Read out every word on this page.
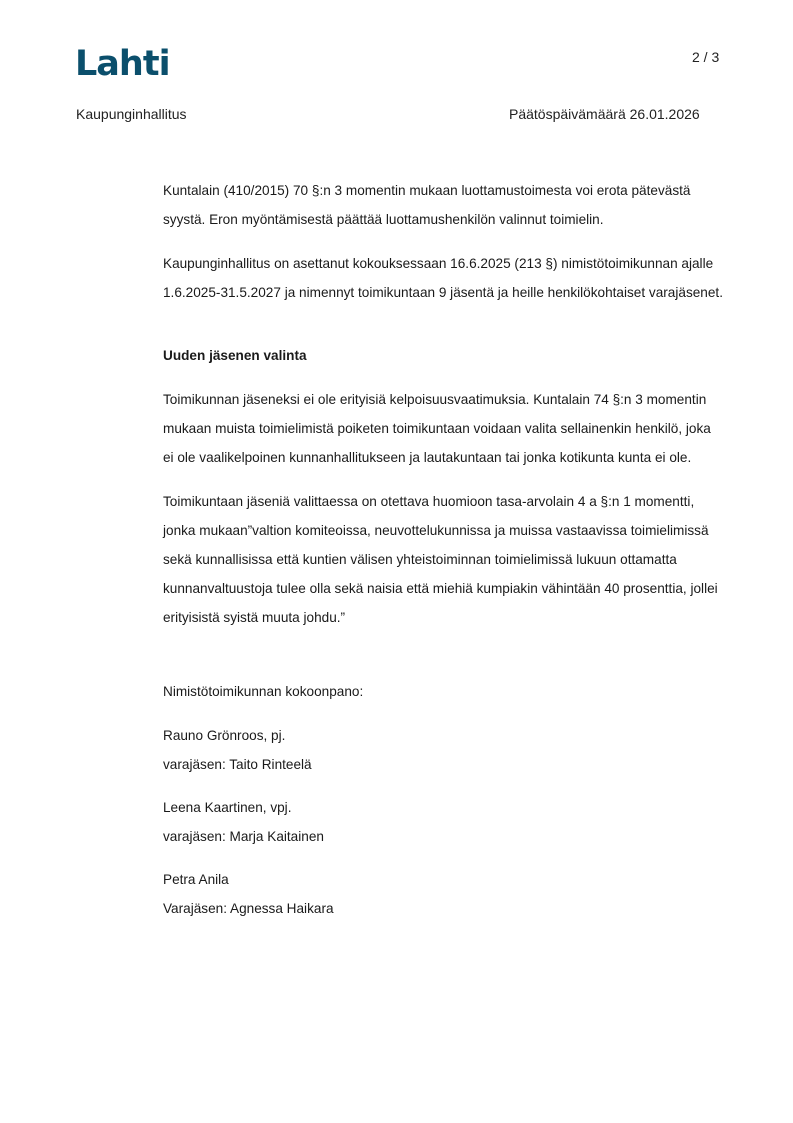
Lahti	2 / 3
Kaupunginhallitus	Päätöspäivämäärä 26.01.2026

Kuntalain (410/2015) 70 §:n 3 momentin mukaan luottamustoimesta voi erota pätevästä syystä. Eron myöntämisestä päättää luottamushenkilön valinnut toimielin.

Kaupunginhallitus on asettanut kokouksessaan 16.6.2025 (213 §) nimistötoimikunnan ajalle 1.6.2025-31.5.2027 ja nimennyt toimikuntaan 9 jäsentä ja heille henkilökohtaiset varajäsenet.

Uuden jäsenen valinta

Toimikunnan jäseneksi ei ole erityisiä kelpoisuusvaatimuksia. Kuntalain 74 §:n 3 momentin mukaan muista toimielimistä poiketen toimikuntaan voidaan valita sellainenkin henkilö, joka ei ole vaalikelpoinen kunnanhallitukseen ja lautakuntaan tai jonka kotikunta kunta ei ole.

Toimikuntaan jäseniä valittaessa on otettava huomioon tasa-arvolain 4 a §:n 1 momentti, jonka mukaan”valtion komiteoissa, neuvottelukunnissa ja muissa vastaavissa toimielimissä sekä kunnallisissa että kuntien välisen yhteistoiminnan toimielimissä lukuun ottamatta kunnanvaltuustoja tulee olla sekä naisia että miehiä kumpiakin vähintään 40 prosenttia, jollei erityisistä syistä muuta johdu.”

Nimistötoimikunnan kokoonpano:

Rauno Grönroos, pj.
varajäsen: Taito Rinteelä
Leena Kaartinen, vpj.
varajäsen: Marja Kaitainen
Petra Anila
Varajäsen: Agnessa Haikara
